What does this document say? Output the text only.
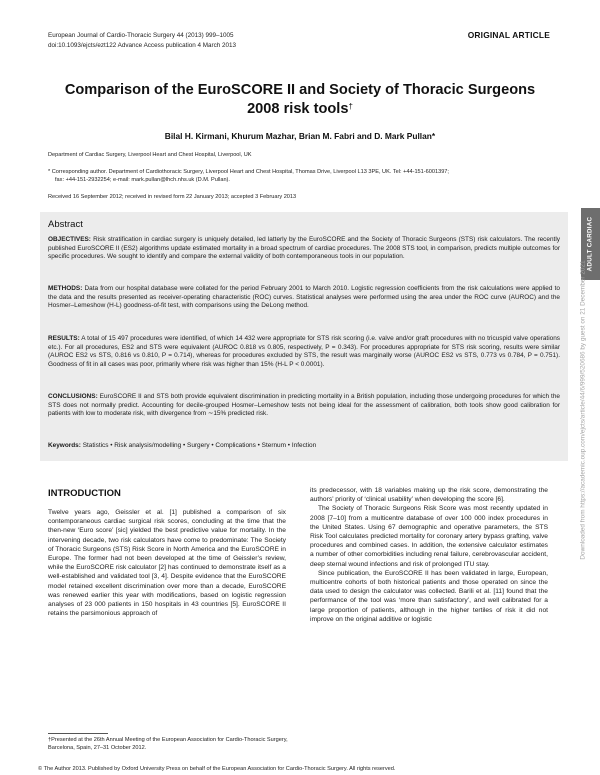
European Journal of Cardio-Thoracic Surgery 44 (2013) 999–1005
doi:10.1093/ejcts/ezt122 Advance Access publication 4 March 2013
ORIGINAL ARTICLE
Comparison of the EuroSCORE II and Society of Thoracic Surgeons
2008 risk tools†
Bilal H. Kirmani, Khurum Mazhar, Brian M. Fabri and D. Mark Pullan*
Department of Cardiac Surgery, Liverpool Heart and Chest Hospital, Liverpool, UK
* Corresponding author. Department of Cardiothoracic Surgery, Liverpool Heart and Chest Hospital, Thomas Drive, Liverpool L13 3PE, UK. Tel: +44-151-6001397;
fax: +44-151-2932254; e-mail: mark.pullan@lhch.nhs.uk (D.M. Pullan).
Received 16 September 2012; received in revised form 22 January 2013; accepted 3 February 2013
Abstract
OBJECTIVES: Risk stratification in cardiac surgery is uniquely detailed, led latterly by the EuroSCORE and the Society of Thoracic Surgeons (STS) risk calculators. The recently published EuroSCORE II (ES2) algorithms update estimated mortality in a broad spectrum of cardiac procedures. The 2008 STS tool, in comparison, predicts multiple outcomes for specific procedures. We sought to identify and compare the external validity of both contemporaneous tools in our population.
METHODS: Data from our hospital database were collated for the period February 2001 to March 2010. Logistic regression coefficients from the risk calculations were applied to the data and the results presented as receiver-operating characteristic (ROC) curves. Statistical analyses were performed using the area under the ROC curve (AUROC) and the Hosmer–Lemeshow (H-L) goodness-of-fit test, with comparisons using the DeLong method.
RESULTS: A total of 15 497 procedures were identified, of which 14 432 were appropriate for STS risk scoring (i.e. valve and/or graft procedures with no tricuspid valve operations etc.). For all procedures, ES2 and STS were equivalent (AUROC 0.818 vs 0.805, respectively, P = 0.343). For procedures appropriate for STS risk scoring, results were similar (AUROC ES2 vs STS, 0.816 vs 0.810, P = 0.714), whereas for procedures excluded by STS, the result was marginally worse (AUROC ES2 vs STS, 0.773 vs 0.784, P = 0.751). Goodness of fit in all cases was poor, primarily where risk was higher than 15% (H-L P < 0.0001).
CONCLUSIONS: EuroSCORE II and STS both provide equivalent discrimination in predicting mortality in a British population, including those undergoing procedures for which the STS does not normally predict. Accounting for decile-grouped Hosmer–Lemeshow tests not being ideal for the assessment of calibration, both tools show good calibration for patients with low to moderate risk, with divergence from ∼15% predicted risk.
Keywords: Statistics • Risk analysis/modelling • Surgery • Complications • Sternum • Infection
INTRODUCTION

Twelve years ago, Geissler et al. [1] published a comparison of six contemporaneous cardiac surgical risk scores, concluding at the time that the then-new ‘Euro score’ [sic] yielded the best predictive value for mortality. In the intervening decade, two risk calculators have come to predominate: The Society of Thoracic Surgeons (STS) Risk Score in North America and the EuroSCORE in Europe. The former had not been developed at the time of Geissler’s review, while the EuroSCORE risk calculator [2] has continued to demonstrate itself as a well-established and validated tool [3, 4]. Despite evidence that the EuroSCORE model retained excellent discrimination over more than a decade, EuroSCORE was renewed earlier this year with modifications, based on logistic regression analyses of 23 000 patients in 150 hospitals in 43 countries [5]. EuroSCORE II retains the parsimonious approach of

its predecessor, with 18 variables making up the risk score, demonstrating the authors’ priority of ‘clinical usability’ when developing the score [6].

The Society of Thoracic Surgeons Risk Score was most recently updated in 2008 [7–10] from a multicentre database of over 100 000 index procedures in the United States. Using 67 demographic and operative parameters, the STS Risk Tool calculates predicted mortality for coronary artery bypass grafting, valve procedures and combined cases. In addition, the extensive calculator estimates a number of other comorbidities including renal failure, cerebrovascular accident, deep sternal wound infections and risk of prolonged ITU stay.

Since publication, the EuroSCORE II has been validated in large, European, multicentre cohorts of both historical patients and those operated on since the data used to design the calculator was collected. Barili et al. [11] found that the performance of the tool was ‘more than satisfactory’, and well calibrated for a large proportion of patients, although in the higher tertiles of risk it did not improve on the original additive or logistic

†Presented at the 26th Annual Meeting of the European Association for Cardio-Thoracic Surgery, Barcelona, Spain, 27–31 October 2012.
© The Author 2013. Published by Oxford University Press on behalf of the European Association for Cardio-Thoracic Surgery. All rights reserved.
ADULT CARDIAC
Downloaded from https://academic.oup.com/ejcts/article/44/6/999/520686 by guest on 21 December 2021
